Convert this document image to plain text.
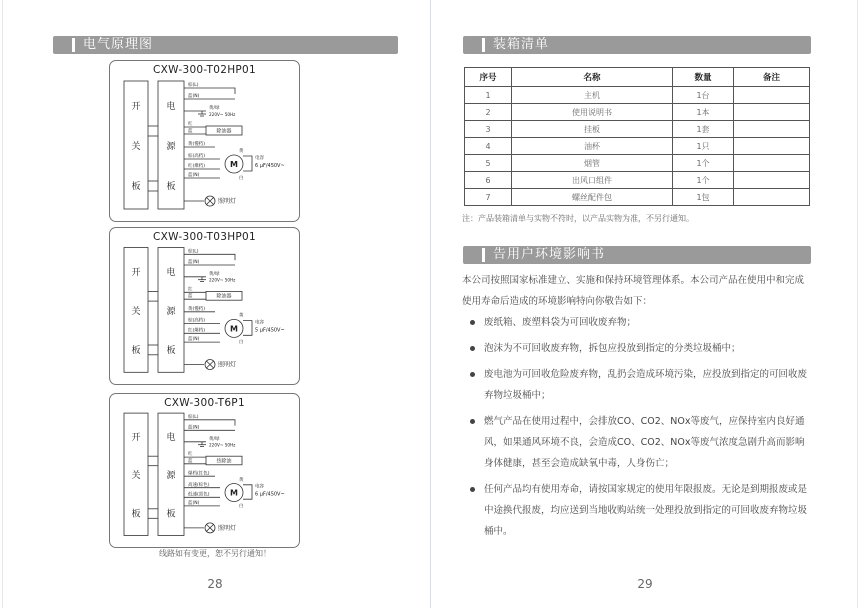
电气原理图
CXW-300-T02HP01
开
关
板
电
源
板
棕(L)
蓝(N)
黄/绿
220V~ 50Hz
红
蓝	除油器
黄(慢档)
棕(高档)
红(爆档)
蓝(N)
M
黄
白
电容
6 μF/450V~
照明灯
CXW-300-T03HP01
开
关
板
电
源
板
棕(L)
蓝(N)
黄/绿
220V~ 50Hz
红
蓝	除油器
黄(慢档)
棕(高档)
红(爆档)
蓝(N)
M
黄
白
电容
5 μF/450V~
照明灯
CXW-300-T6P1
开
关
板
电
源
板
棕(L)
蓝(N)
黄/绿
220V~ 50Hz
红
蓝	热除油
爆档(红色)
高速(棕色)
低速(黑色)
蓝(N)
M
黄
白
电容
6 μF/450V~
照明灯
线路如有变更，恕不另行通知！
28
装箱清单
序号	名称	数量	备注
1	主机	1台	
2	使用说明书	1本	
3	挂板	1套	
4	油杯	1只	
5	烟管	1个	
6	出风口组件	1个	
7	螺丝配件包	1包	
注：产品装箱清单与实物不符时，以产品实物为准，不另行通知。
告用户环境影响书
本公司按照国家标准建立、实施和保持环境管理体系。本公司产品在使用中和完成使用寿命后造成的环境影响特向你敬告如下：
废纸箱、废塑料袋为可回收废弃物；
泡沫为不可回收废弃物，拆包应投放到指定的分类垃圾桶中；
废电池为可回收危险废弃物，乱扔会造成环境污染，应投放到指定的可回收废弃物垃圾桶中；
燃气产品在使用过程中，会排放CO、CO2、NOx等废气，应保持室内良好通风，如果通风环境不良，会造成CO、CO2、NOx等废气浓度急剧升高而影响身体健康，甚至会造成缺氧中毒，人身伤亡；
任何产品均有使用寿命，请按国家规定的使用年限报废。无论是到期报废或是中途换代报废，均应送到当地收购站统一处理投放到指定的可回收废弃物垃圾桶中。
29
